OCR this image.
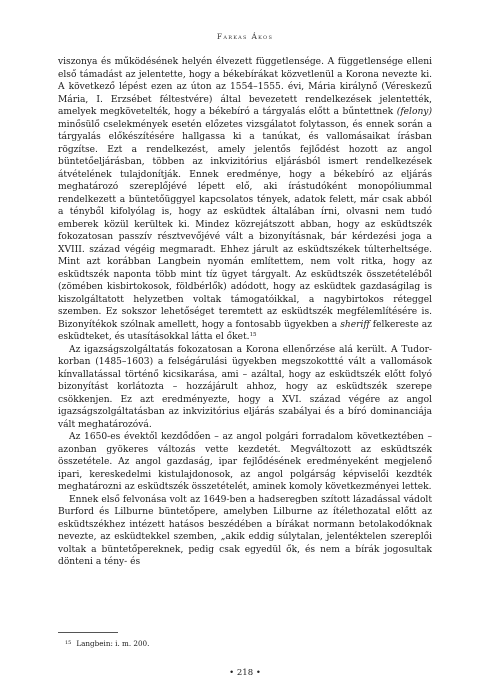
Farkas Ákos

viszonya és működésének helyén élvezett függetlensége. A függetlensége elleni első támadást az jelentette, hogy a békebírákat közvetlenül a Korona nevezte ki. A következő lépést ezen az úton az 1554–1555. évi, Mária királynő (Véreskezű Mária, I. Erzsébet féltestvére) által bevezetett rendelkezések jelentették, amelyek megkövetelték, hogy a békebíró a tárgyalás előtt a bűntettnek (felony) minősülő cselekmények esetén előzetes vizsgálatot folytasson, és ennek során a tárgyalás előkészítésére hallgassa ki a tanúkat, és vallomásaikat írásban rögzítse. Ezt a rendelkezést, amely jelentős fejlődést hozott az angol büntetőeljárásban, többen az inkvizitórius eljárásból ismert rendelkezések átvételének tulajdonítják. Ennek eredménye, hogy a békebíró az eljárás meghatározó szereplőjévé lépett elő, aki írástudóként monopóliummal rendelkezett a büntetőüggyel kapcsolatos tények, adatok felett, már csak abból a tényből kifolyólag is, hogy az esküdtek általában írni, olvasni nem tudó emberek közül kerültek ki. Mindez közrejátszott abban, hogy az esküdtszék fokozatosan passzív résztvevőjévé vált a bizonyításnak, bár kérdezési joga a XVIII. század végéig megmaradt. Ehhez járult az esküdtszékek túlterheltsége. Mint azt korábban Langbein nyomán említettem, nem volt ritka, hogy az esküdtszék naponta több mint tíz ügyet tárgyalt. Az esküdtszék összetételéből (zömében kisbirtokosok, földbérlők) adódott, hogy az esküdtek gazdaságilag is kiszolgáltatott helyzetben voltak támogatóikkal, a nagybirtokos réteggel szemben. Ez sokszor lehetőséget teremtett az esküdtszék megfélemlítésére is. Bizonyítékok szólnak amellett, hogy a fontosabb ügyekben a sheriff felkereste az esküdteket, és utasításokkal látta el őket.$^{15}$

Az igazságszolgáltatás fokozatosan a Korona ellenőrzése alá került. A Tudor-korban (1485–1603) a felségárulási ügyekben megszokottté vált a vallomások kínvallatással történő kicsikarása, ami – azáltal, hogy az esküdtszék előtt folyó bizonyítást korlátozta – hozzájárult ahhoz, hogy az esküdtszék szerepe csökkenjen. Ez azt eredményezte, hogy a XVI. század végére az angol igazságszolgáltatásban az inkvizitórius eljárás szabályai és a bíró dominanciája vált meghatározóvá.

Az 1650-es évektől kezdődően – az angol polgári forradalom következtében – azonban gyökeres változás vette kezdetét. Megváltozott az esküdtszék összetétele. Az angol gazdaság, ipar fejlődésének eredményeként megjelenő ipari, kereskedelmi kistulajdonosok, az angol polgárság képviselői kezdték meghatározni az esküdtszék összetételét, aminek komoly következményei lettek.

Ennek első felvonása volt az 1649-ben a hadseregben szított lázadással vádolt Burford és Lilburne büntetőpere, amelyben Lilburne az ítélethozatal előtt az esküdtszékhez intézett hatásos beszédében a bírákat normann betolakodóknak nevezte, az esküdtekkel szemben, „akik eddig súlytalan, jelentéktelen szereplői voltak a büntetőpereknek, pedig csak egyedül ők, és nem a bírák jogosultak dönteni a tény- és

$^{15}$ Langbein: i. m. 200.
• 218 •
